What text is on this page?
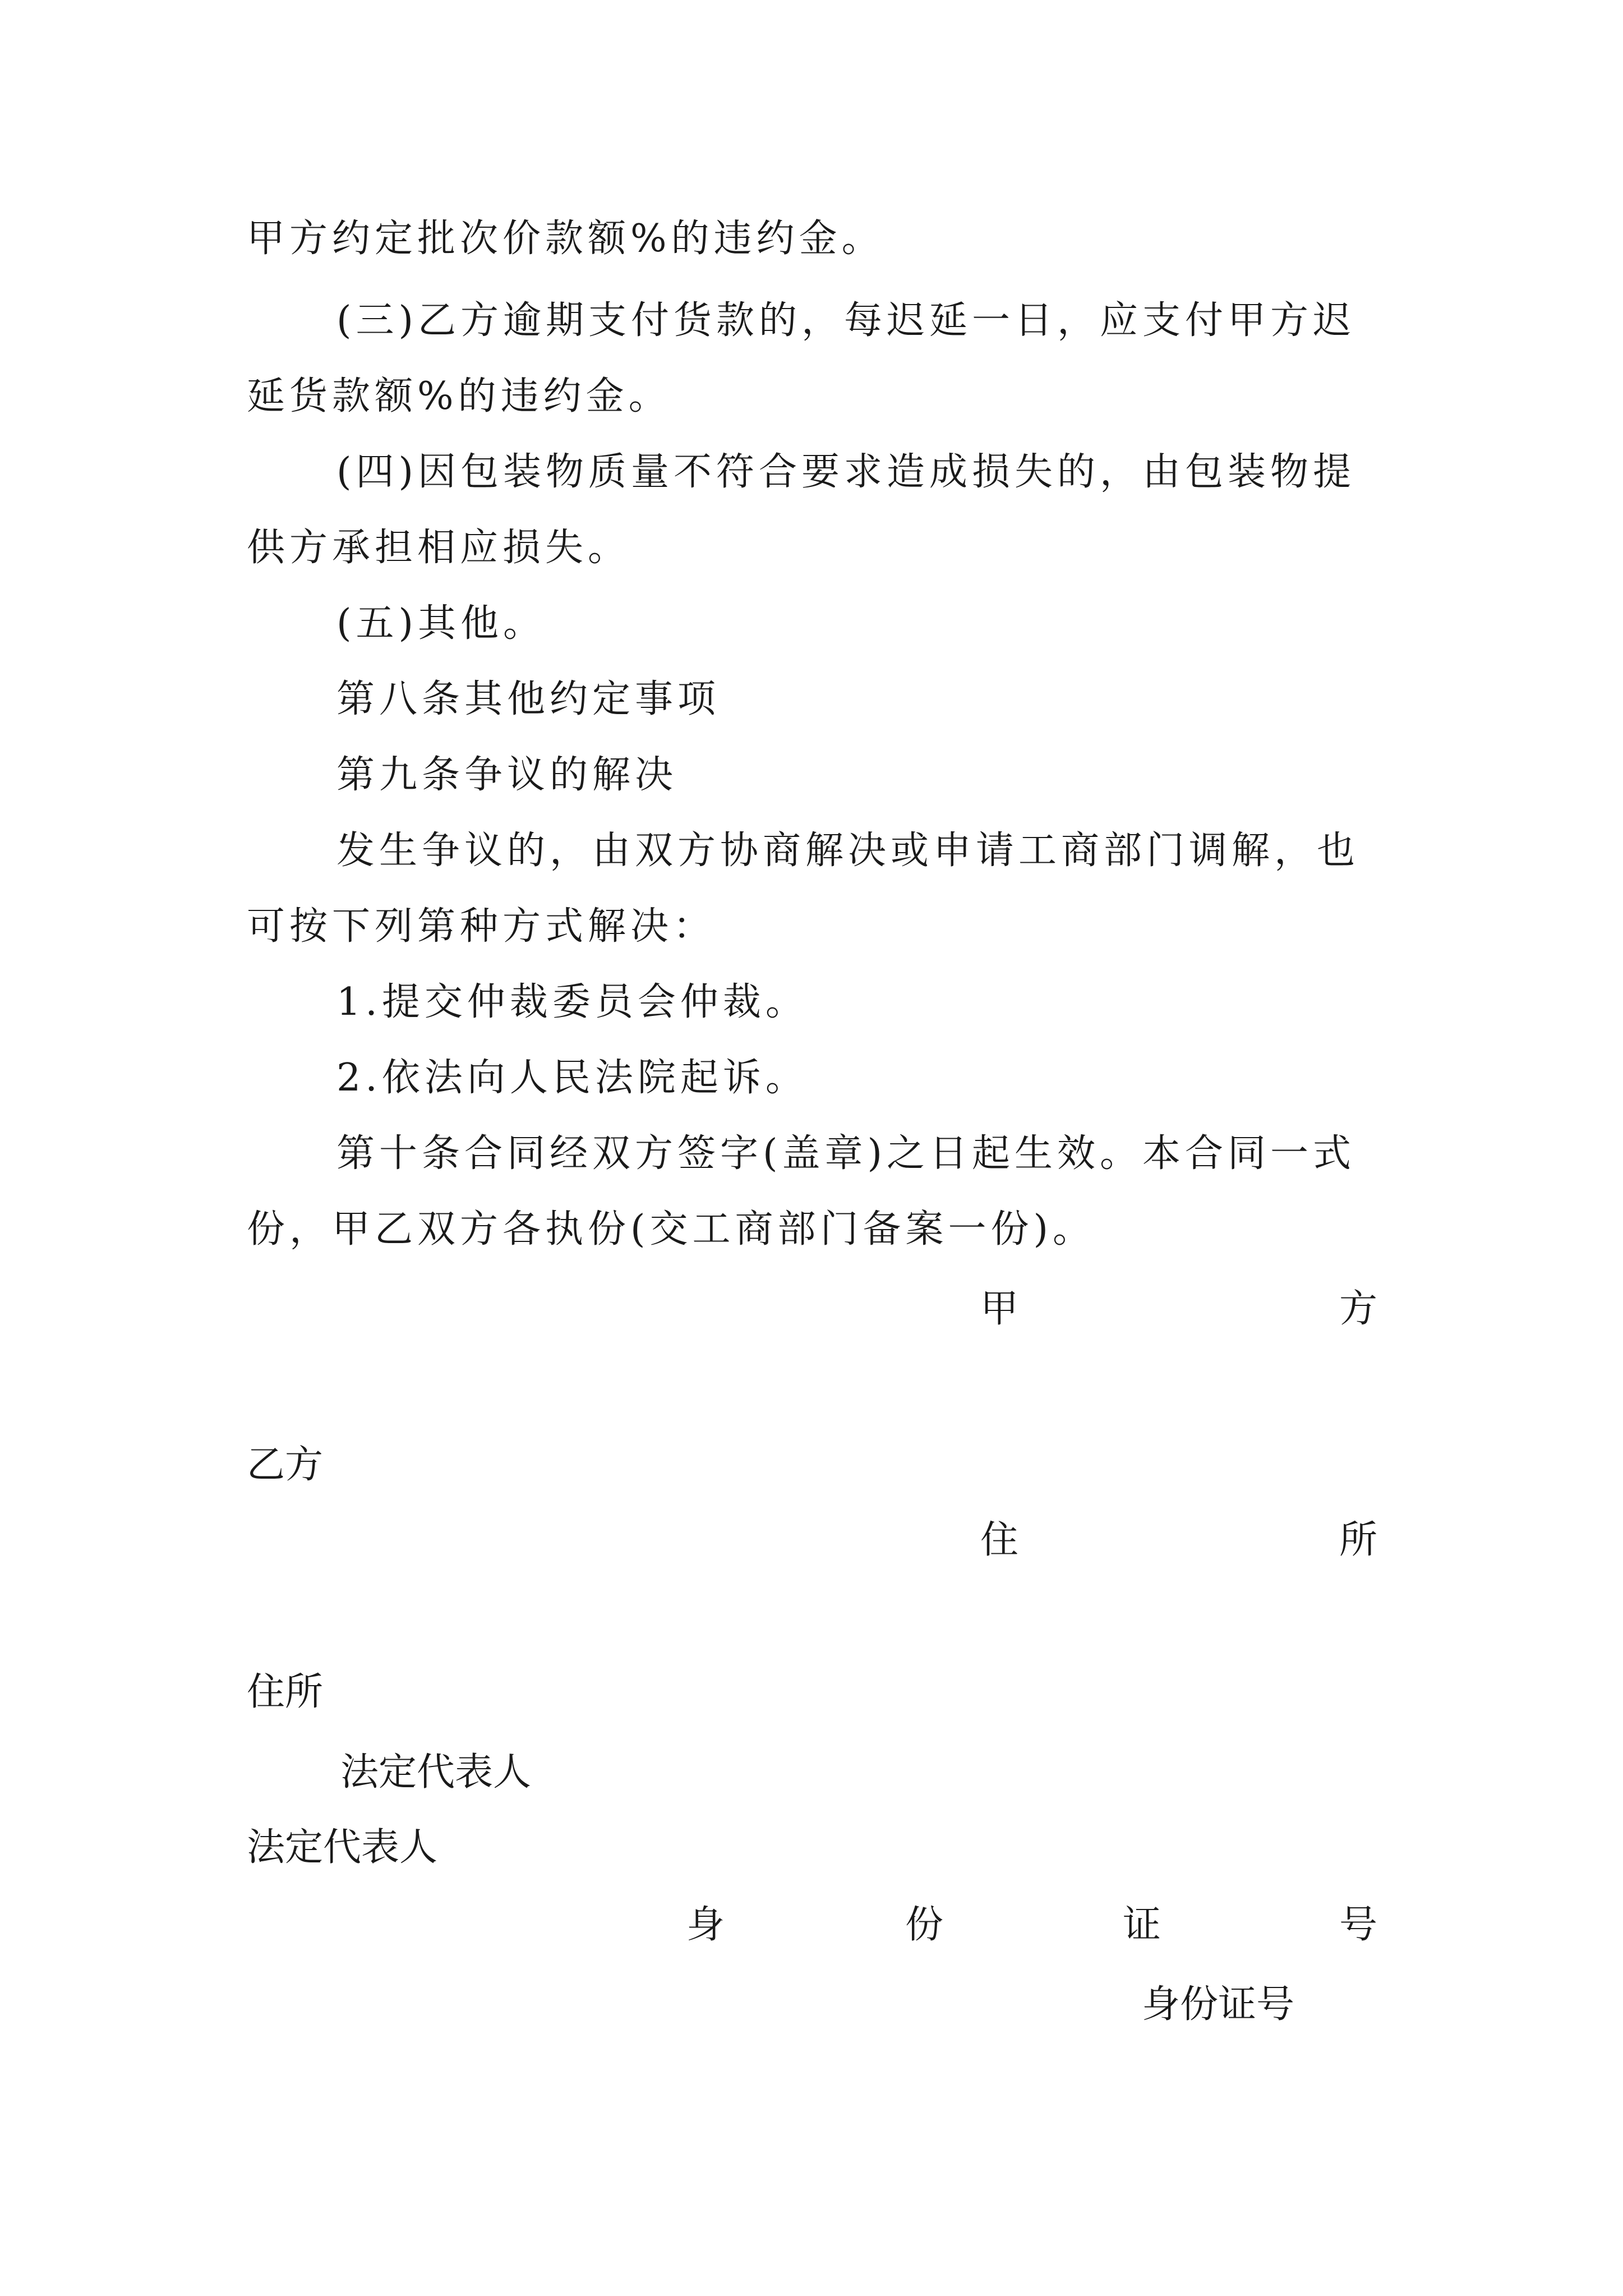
甲方约定批次价款额%的违约金。
(三)乙方逾期支付货款的，每迟延一日，应支付甲方迟
延货款额%的违约金。
(四)因包装物质量不符合要求造成损失的，由包装物提
供方承担相应损失。
(五)其他。
第八条其他约定事项
第九条争议的解决
发生争议的，由双方协商解决或申请工商部门调解，也
可按下列第种方式解决：
1.提交仲裁委员会仲裁。
2.依法向人民法院起诉。
第十条合同经双方签字(盖章)之日起生效。本合同一式
份，甲乙双方各执份(交工商部门备案一份)。
甲	方
乙方
住	所
住所
法定代表人
法定代表人
身	份	证	号
身份证号
